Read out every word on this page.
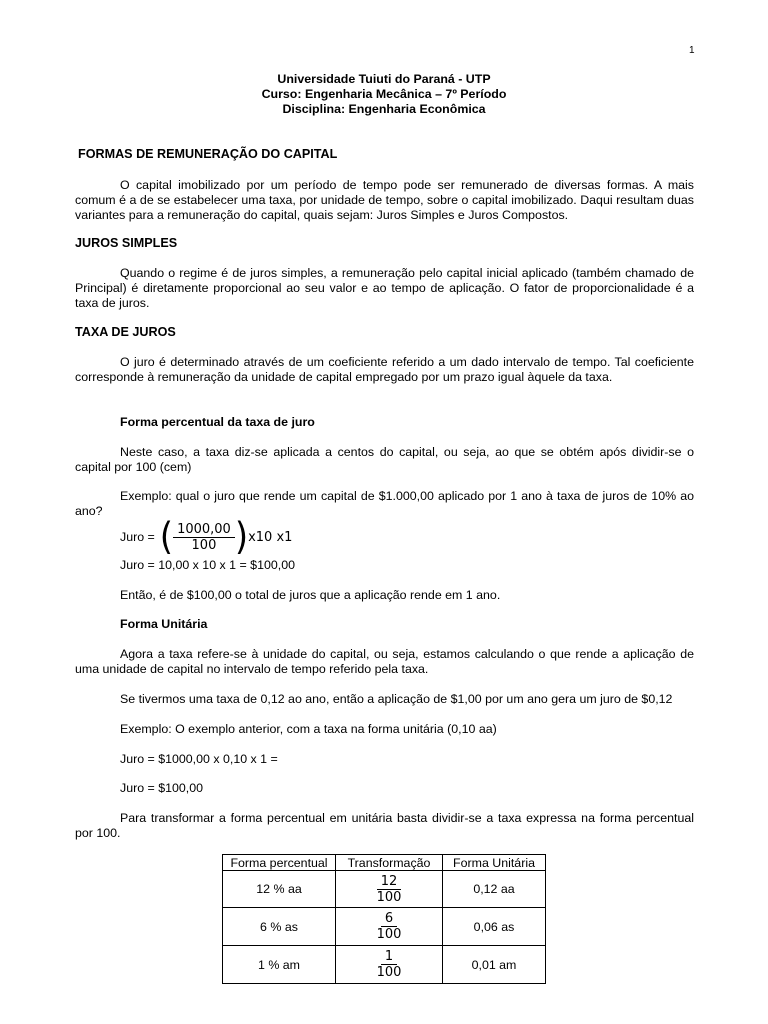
1
Universidade Tuiuti do Paraná - UTP
Curso: Engenharia Mecânica – 7º Período
Disciplina: Engenharia Econômica
FORMAS DE REMUNERAÇÃO DO CAPITAL

O capital imobilizado por um período de tempo pode ser remunerado de diversas formas. A mais comum é a de se estabelecer uma taxa, por unidade de tempo, sobre o capital imobilizado. Daqui resultam duas variantes para a remuneração do capital, quais sejam: Juros Simples e Juros Compostos.

JUROS SIMPLES

Quando o regime é de juros simples, a remuneração pelo capital inicial aplicado (também chamado de Principal) é diretamente proporcional ao seu valor e ao tempo de aplicação. O fator de proporcionalidade é a taxa de juros.

TAXA DE JUROS

O juro é determinado através de um coeficiente referido a um dado intervalo de tempo. Tal coeficiente corresponde à remuneração da unidade de capital empregado por um prazo igual àquele da taxa.

Forma percentual da taxa de juro

Neste caso, a taxa diz-se aplicada a centos do capital, ou seja, ao que se obtém após dividir-se o capital por 100 (cem)

Exemplo: qual o juro que rende um capital de $1.000,00 aplicado por 1 ano à taxa de juros de 10% ao ano?

Juro = ( $\frac{1000,00}{100}$ ) x10 x1

Juro = 10,00 x 10 x 1 = $100,00

Então, é de $100,00 o total de juros que a aplicação rende em 1 ano.

Forma Unitária

Agora a taxa refere-se à unidade do capital, ou seja, estamos calculando o que rende a aplicação de uma unidade de capital no intervalo de tempo referido pela taxa.

Se tivermos uma taxa de 0,12 ao ano, então a aplicação de $1,00 por um ano gera um juro de $0,12

Exemplo: O exemplo anterior, com a taxa na forma unitária (0,10 aa)

Juro = $1000,00 x 0,10 x 1 =

Juro = $100,00

Para transformar a forma percentual em unitária basta dividir-se a taxa expressa na forma percentual por 100.

Forma percentual	Transformação	Forma Unitária
12 % aa	$\frac{12}{100}$	0,12 aa
6 % as	$\frac{6}{100}$	0,06 as
1 % am	$\frac{1}{100}$	0,01 am
